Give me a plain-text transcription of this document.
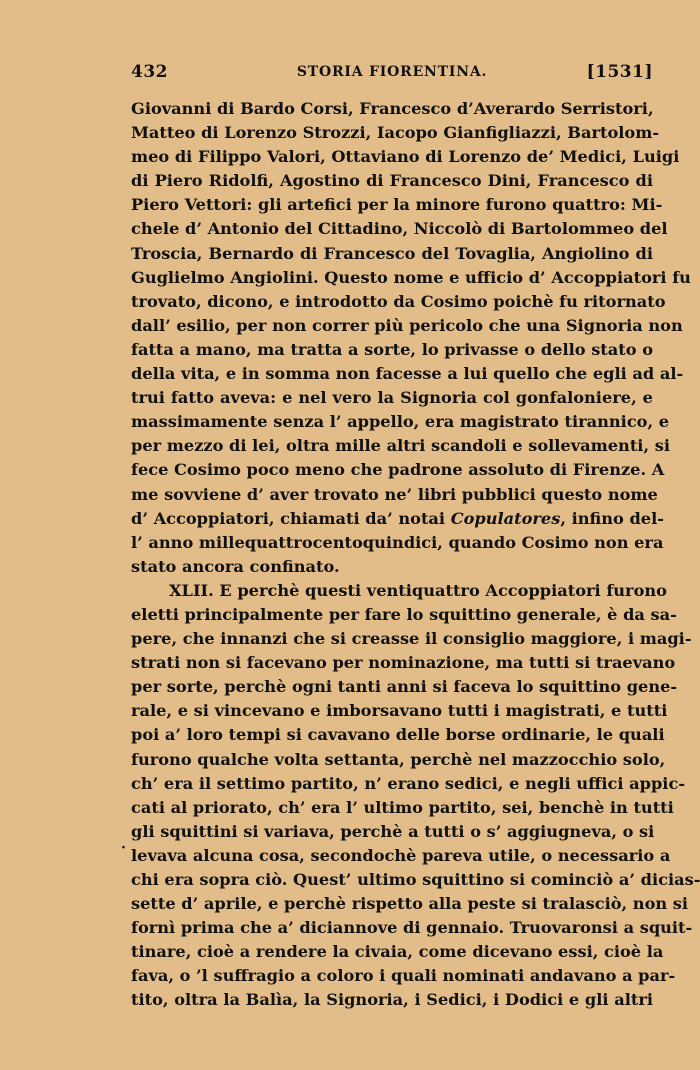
432	STORIA FIORENTINA.	[1531]
Giovanni di Bardo Corsi, Francesco d’Averardo Serristori,
Matteo di Lorenzo Strozzi, Iacopo Gianfigliazzi, Bartolom-
meo di Filippo Valori, Ottaviano di Lorenzo de’ Medici, Luigi
di Piero Ridolfi, Agostino di Francesco Dini, Francesco di
Piero Vettori: gli artefici per la minore furono quattro: Mi-
chele d’ Antonio del Cittadino, Niccolò di Bartolommeo del
Troscia, Bernardo di Francesco del Tovaglia, Angiolino di
Guglielmo Angiolini. Questo nome e ufficio d’ Accoppiatori fu
trovato, dicono, e introdotto da Cosimo poichè fu ritornato
dall’ esilio, per non correr più pericolo che una Signoria non
fatta a mano, ma tratta a sorte, lo privasse o dello stato o
della vita, e in somma non facesse a lui quello che egli ad al-
trui fatto aveva: e nel vero la Signoria col gonfaloniere, e
massimamente senza l’ appello, era magistrato tirannico, e
per mezzo di lei, oltra mille altri scandoli e sollevamenti, si
fece Cosimo poco meno che padrone assoluto di Firenze. A
me sovviene d’ aver trovato ne’ libri pubblici questo nome
d’ Accoppiatori, chiamati da’ notai Copulatores, infino del-
l’ anno millequattrocentoquindici, quando Cosimo non era
stato ancora confinato.
XLII. E perchè questi ventiquattro Accoppiatori furono
eletti principalmente per fare lo squittino generale, è da sa-
pere, che innanzi che si creasse il consiglio maggiore, i magi-
strati non si facevano per nominazione, ma tutti si traevano
per sorte, perchè ogni tanti anni si faceva lo squittino gene-
rale, e si vincevano e imborsavano tutti i magistrati, e tutti
poi a’ loro tempi si cavavano delle borse ordinarie, le quali
furono qualche volta settanta, perchè nel mazzocchio solo,
ch’ era il settimo partito, n’ erano sedici, e negli uffici appic-
cati al priorato, ch’ era l’ ultimo partito, sei, benchè in tutti
gli squittini si variava, perchè a tutti o s’ aggiugneva, o si
levava alcuna cosa, secondochè pareva utile, o necessario a
chi era sopra ciò. Quest’ ultimo squittino si cominciò a’ dicias-
sette d’ aprile, e perchè rispetto alla peste si tralasciò, non si
fornì prima che a’ diciannove di gennaio. Truovaronsi a squit-
tinare, cioè a rendere la civaia, come dicevano essi, cioè la
fava, o ’l suffragio a coloro i quali nominati andavano a par-
tito, oltra la Balìa, la Signoria, i Sedici, i Dodici e gli altri
·
